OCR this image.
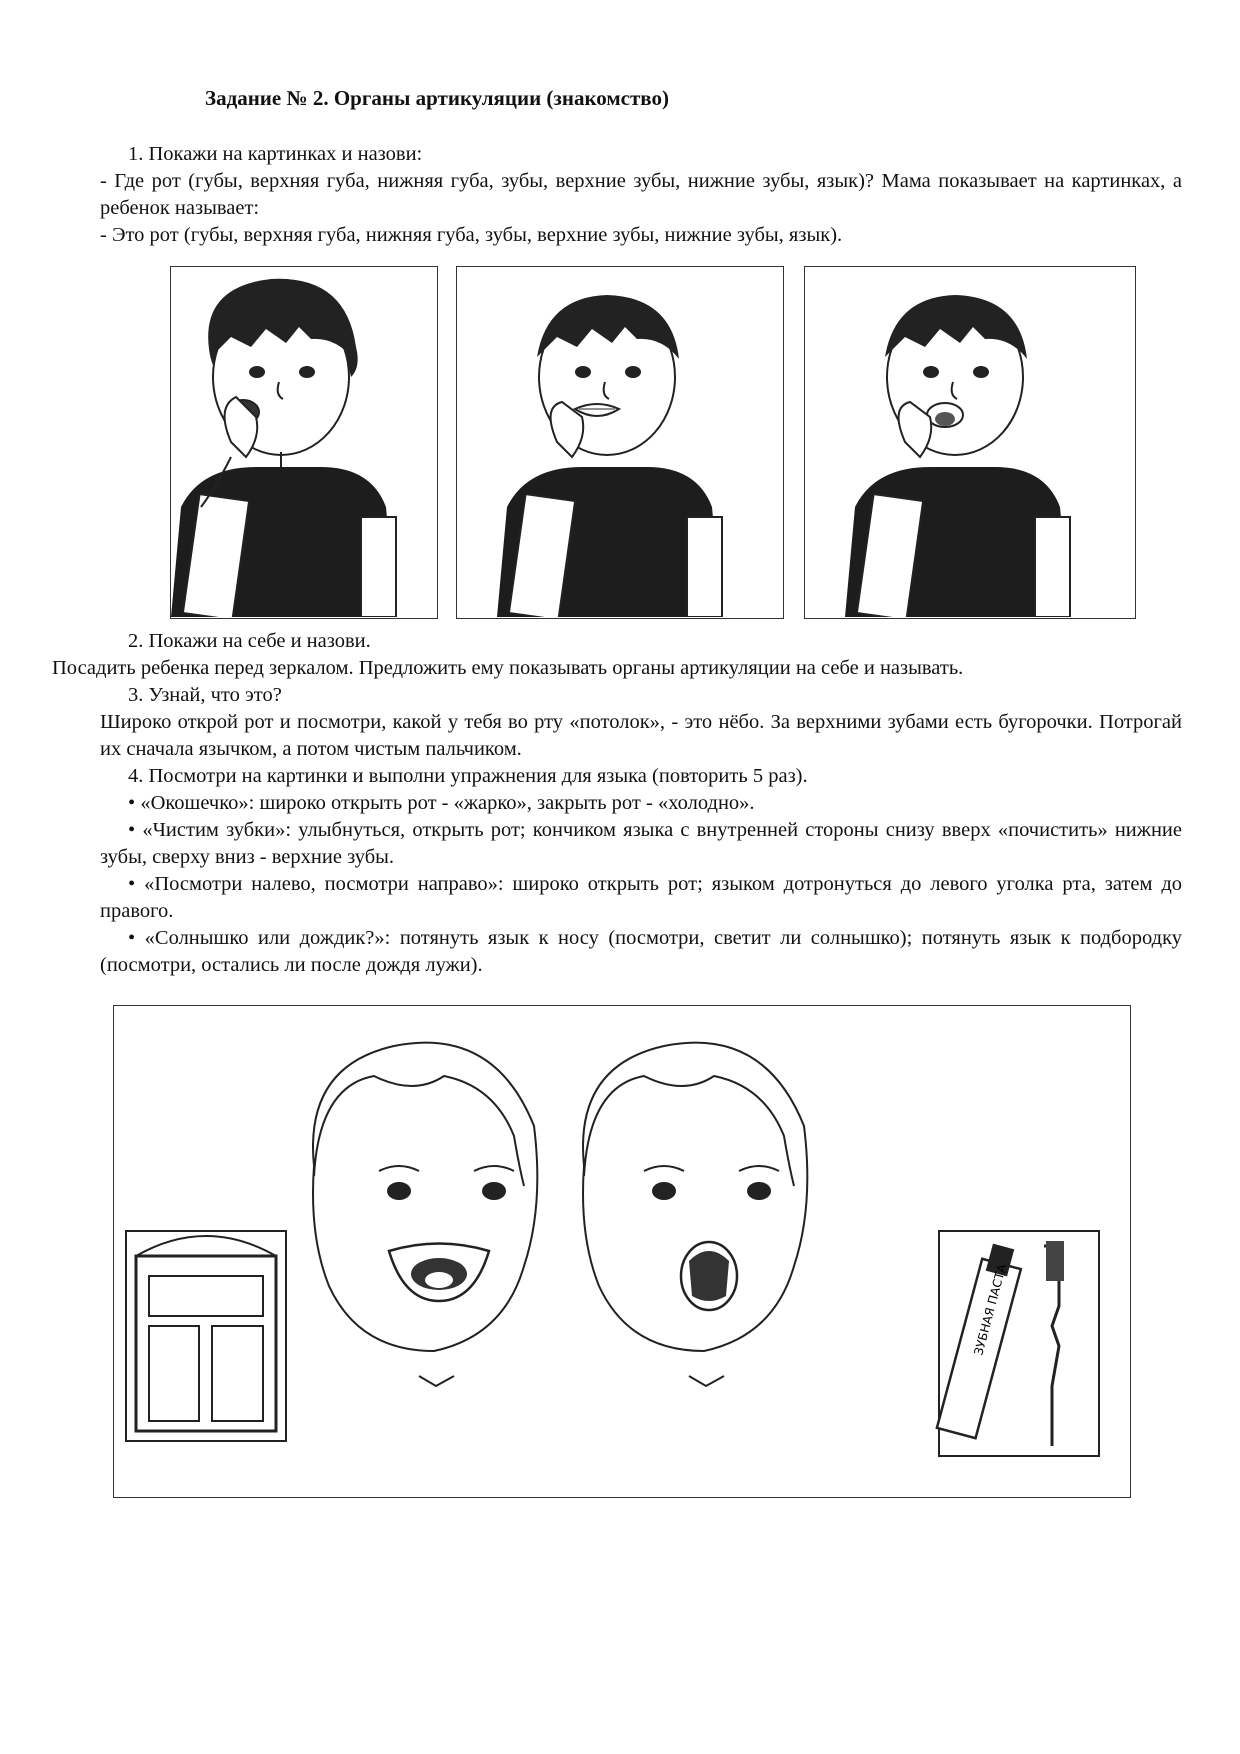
Задание № 2. Органы артикуляции (знакомство)

1. Покажи на картинках и назови:

- Где рот (губы, верхняя губа, нижняя губа, зубы, верхние зубы, нижние зубы, язык)? Мама показывает на картинках, а ребенок называет:

- Это рот (губы, верхняя губа, нижняя губа, зубы, верхние зубы, нижние зубы, язык).

2. Покажи на себе и назови.

Посадить ребенка перед зеркалом. Предложить ему показывать органы артикуляции на себе и называть.

3. Узнай, что это?

Широко открой рот и посмотри, какой у тебя во рту «потолок», - это нёбо. За верхними зубами есть бугорочки. Потрогай их сначала язычком, а потом чистым пальчиком.

4. Посмотри на картинки и выполни упражнения для языка (повторить 5 раз).

• «Окошечко»: широко открыть рот - «жарко», закрыть рот - «холодно».

• «Чистим зубки»: улыбнуться, открыть рот; кончиком языка с внутренней стороны снизу вверх «почистить» нижние зубы, сверху вниз - верхние зубы.

• «Посмотри налево, посмотри направо»: широко открыть рот; языком дотронуться до левого уголка рта, затем до правого.

• «Солнышко или дождик?»: потянуть язык к носу (посмотри, светит ли солнышко); потянуть язык к подбородку (посмотри, остались ли после дождя лужи).

ЗУБНАЯ ПАСТА
